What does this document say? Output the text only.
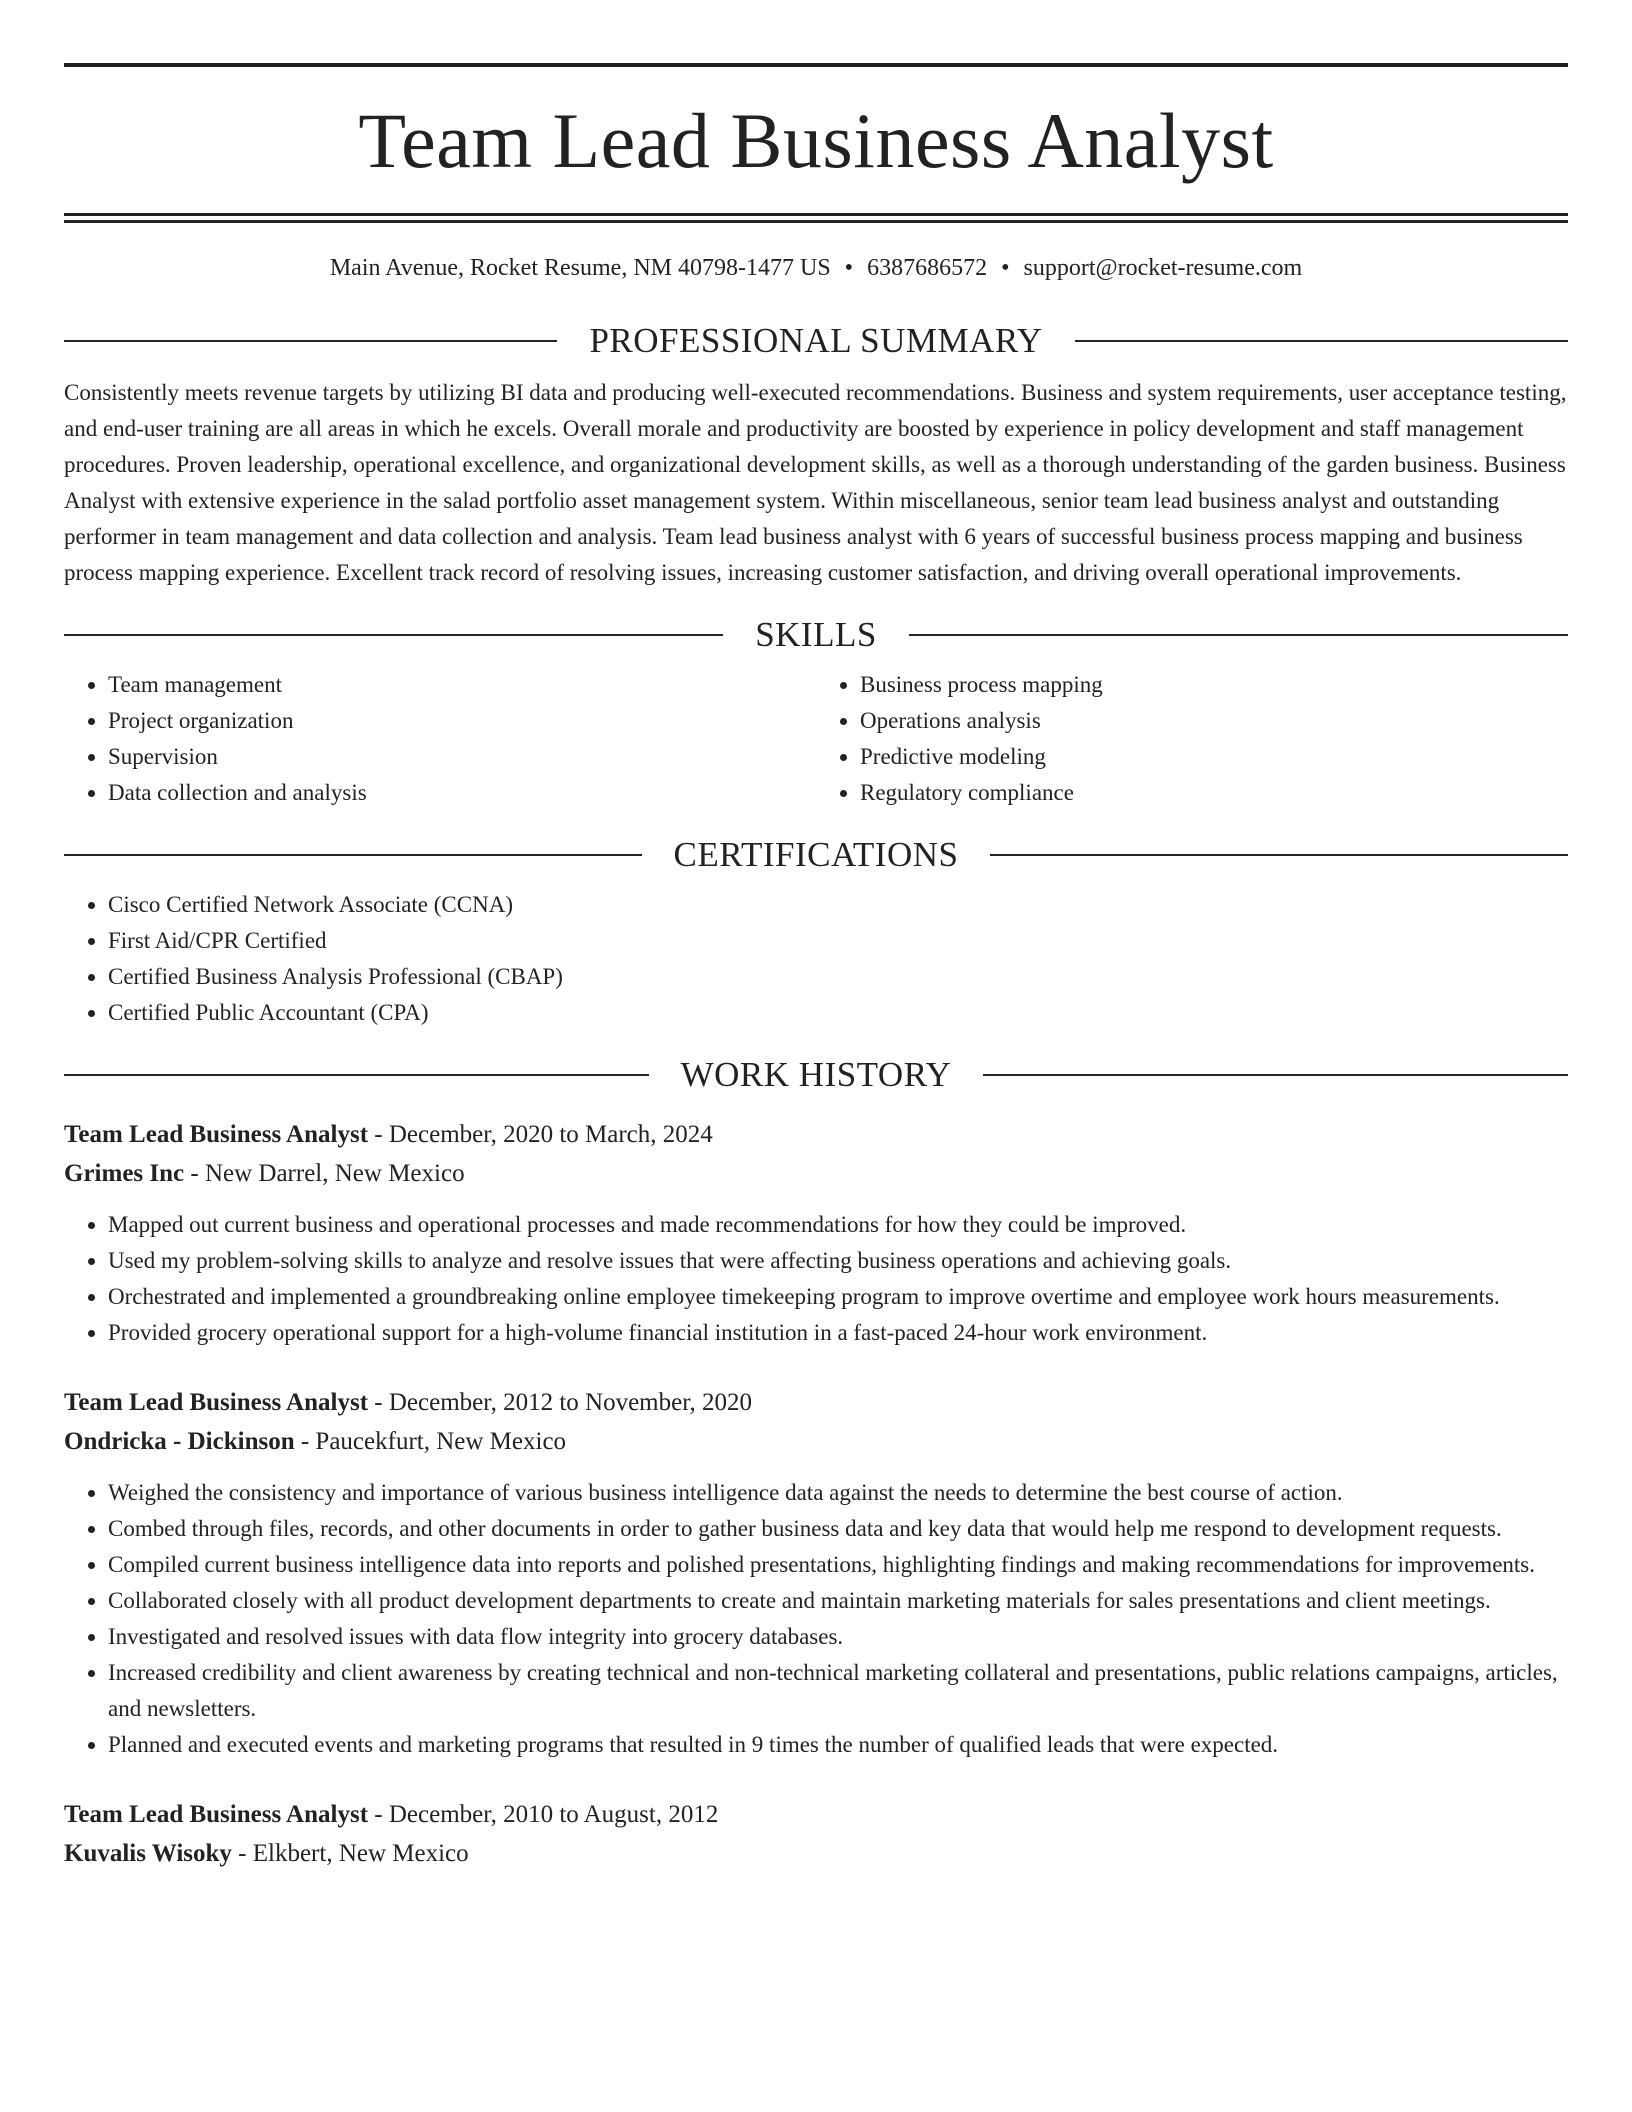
Team Lead Business Analyst
Main Avenue, Rocket Resume, NM 40798-1477 US • 6387686572 • support@rocket-resume.com
PROFESSIONAL SUMMARY
Consistently meets revenue targets by utilizing BI data and producing well-executed recommendations. Business and system requirements, user acceptance testing, and end-user training are all areas in which he excels. Overall morale and productivity are boosted by experience in policy development and staff management procedures. Proven leadership, operational excellence, and organizational development skills, as well as a thorough understanding of the garden business. Business Analyst with extensive experience in the salad portfolio asset management system. Within miscellaneous, senior team lead business analyst and outstanding performer in team management and data collection and analysis. Team lead business analyst with 6 years of successful business process mapping and business process mapping experience. Excellent track record of resolving issues, increasing customer satisfaction, and driving overall operational improvements.
SKILLS
• Team management
• Project organization
• Supervision
• Data collection and analysis
• Business process mapping
• Operations analysis
• Predictive modeling
• Regulatory compliance
CERTIFICATIONS
• Cisco Certified Network Associate (CCNA)
• First Aid/CPR Certified
• Certified Business Analysis Professional (CBAP)
• Certified Public Accountant (CPA)
WORK HISTORY
Team Lead Business Analyst - December, 2020 to March, 2024
Grimes Inc - New Darrel, New Mexico
• Mapped out current business and operational processes and made recommendations for how they could be improved.
• Used my problem-solving skills to analyze and resolve issues that were affecting business operations and achieving goals.
• Orchestrated and implemented a groundbreaking online employee timekeeping program to improve overtime and employee work hours measurements.
• Provided grocery operational support for a high-volume financial institution in a fast-paced 24-hour work environment.
Team Lead Business Analyst - December, 2012 to November, 2020
Ondricka - Dickinson - Paucekfurt, New Mexico
• Weighed the consistency and importance of various business intelligence data against the needs to determine the best course of action.
• Combed through files, records, and other documents in order to gather business data and key data that would help me respond to development requests.
• Compiled current business intelligence data into reports and polished presentations, highlighting findings and making recommendations for improvements.
• Collaborated closely with all product development departments to create and maintain marketing materials for sales presentations and client meetings.
• Investigated and resolved issues with data flow integrity into grocery databases.
• Increased credibility and client awareness by creating technical and non-technical marketing collateral and presentations, public relations campaigns, articles, and newsletters.
• Planned and executed events and marketing programs that resulted in 9 times the number of qualified leads that were expected.
Team Lead Business Analyst - December, 2010 to August, 2012
Kuvalis Wisoky - Elkbert, New Mexico
